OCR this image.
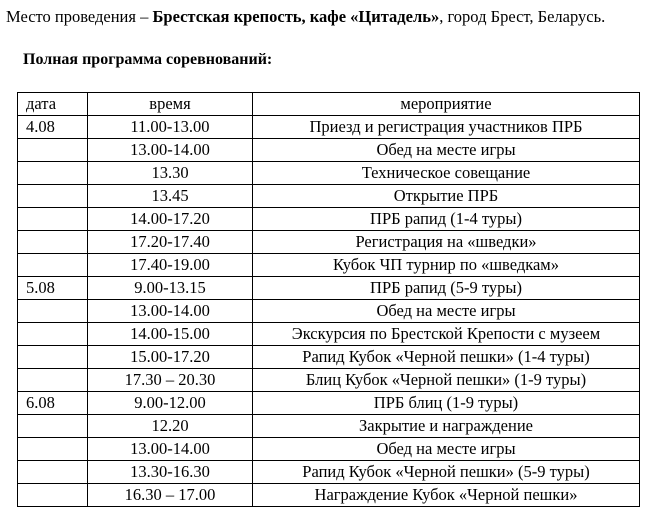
Место проведения – Брестская крепость, кафе «Цитадель», город Брест, Беларусь.
Полная программа соревнований:
дата	время	мероприятие
4.08	11.00-13.00	Приезд и регистрация участников ПРБ
	13.00-14.00	Обед на месте игры
	13.30	Техническое совещание
	13.45	Открытие ПРБ
	14.00-17.20	ПРБ рапид (1-4 туры)
	17.20-17.40	Регистрация на «шведки»
	17.40-19.00	Кубок ЧП турнир по «шведкам»
5.08	9.00-13.15	ПРБ рапид (5-9 туры)
	13.00-14.00	Обед на месте игры
	14.00-15.00	Экскурсия по Брестской Крепости с музеем
	15.00-17.20	Рапид Кубок «Черной пешки» (1-4 туры)
	17.30 – 20.30	Блиц Кубок «Черной пешки» (1-9 туры)
6.08	9.00-12.00	ПРБ блиц (1-9 туры)
	12.20	Закрытие и награждение
	13.00-14.00	Обед на месте игры
	13.30-16.30	Рапид Кубок «Черной пешки» (5-9 туры)
	16.30 – 17.00	Награждение Кубок «Черной пешки»
